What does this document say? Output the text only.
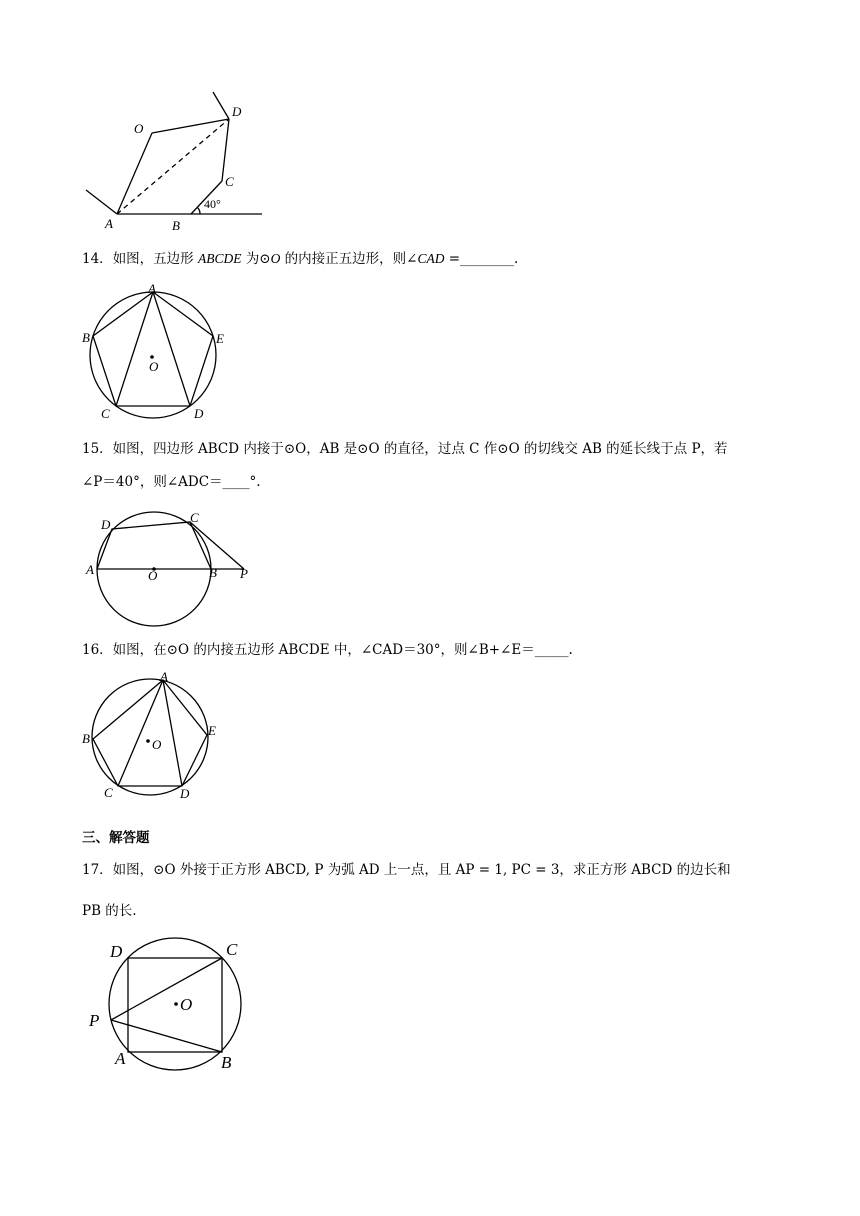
O
D
C
A	B
40°

14．如图，五边形 ABCDE 为⊙O 的内接正五边形，则∠CAD =________.

A
B	E
C	D
O

15．如图，四边形 ABCD 内接于⊙O，AB 是⊙O 的直径，过点 C 作⊙O 的切线交 AB 的延长线于点 P，若

∠P＝40°，则∠ADC＝____°.

D	C
A	O	B P

16．如图，在⊙O 的内接五边形 ABCDE 中，∠CAD＝30°，则∠B+∠E＝_____.

A
B
E
C	D
O
三、解答题

17．如图，⊙O 外接于正方形 ABCD, P 为弧 AD 上一点，且 AP = 1, PC = 3，求正方形 ABCD 的边长和

PB 的长.

D	C
O
P
A	B
